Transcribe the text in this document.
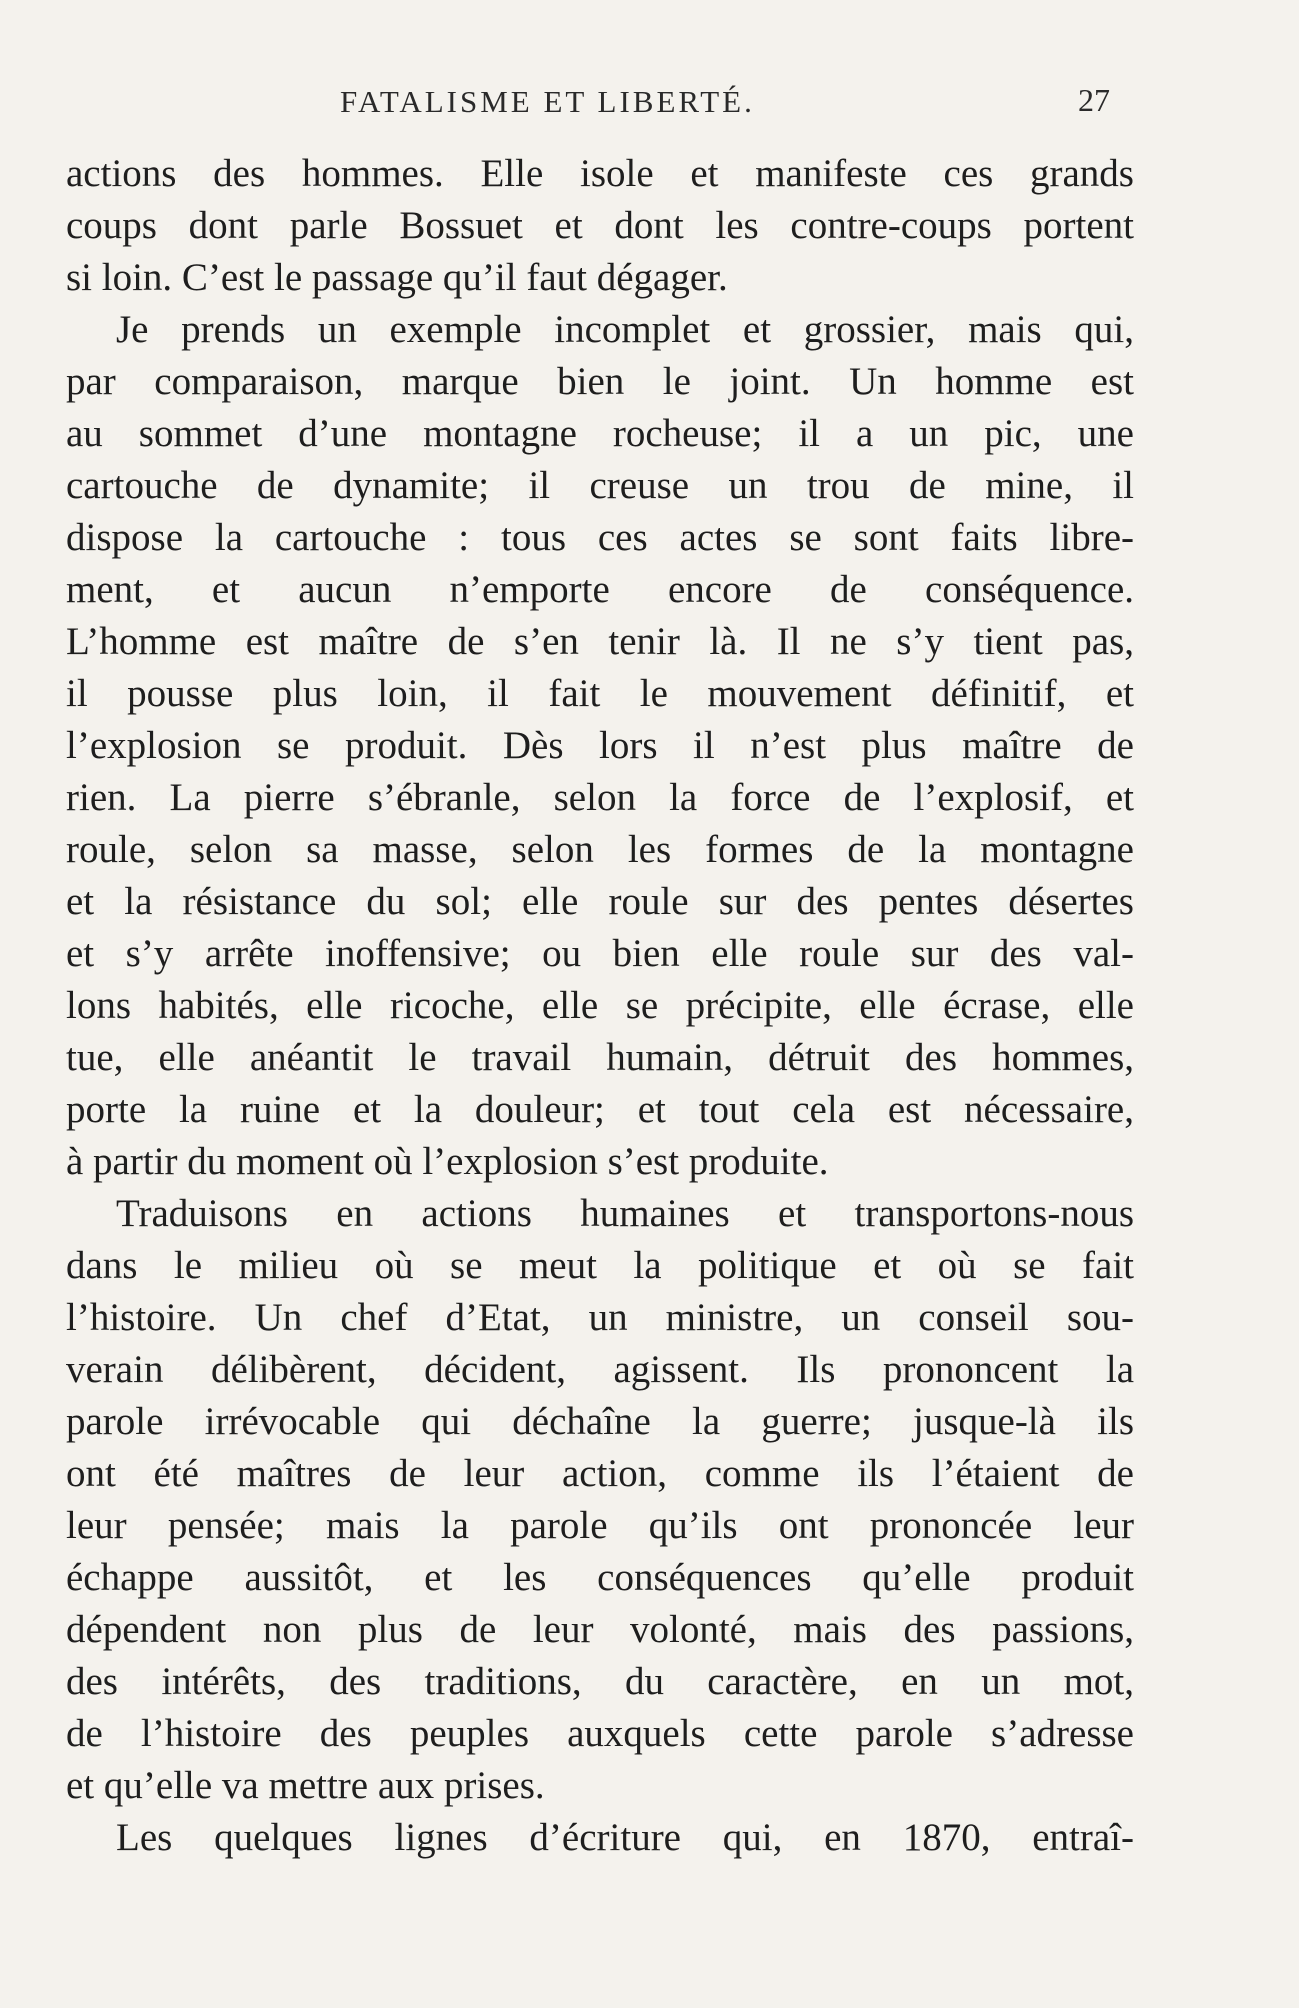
FATALISME ET LIBERTÉ.	27
actions des hommes. Elle isole et manifeste ces grands
coups dont parle Bossuet et dont les contre-coups portent
si loin. C’est le passage qu’il faut dégager.
Je prends un exemple incomplet et grossier, mais qui,
par comparaison, marque bien le joint. Un homme est
au sommet d’une montagne rocheuse; il a un pic, une
cartouche de dynamite; il creuse un trou de mine, il
dispose la cartouche : tous ces actes se sont faits libre-
ment, et aucun n’emporte encore de conséquence.
L’homme est maître de s’en tenir là. Il ne s’y tient pas,
il pousse plus loin, il fait le mouvement définitif, et
l’explosion se produit. Dès lors il n’est plus maître de
rien. La pierre s’ébranle, selon la force de l’explosif, et
roule, selon sa masse, selon les formes de la montagne
et la résistance du sol; elle roule sur des pentes désertes
et s’y arrête inoffensive; ou bien elle roule sur des val-
lons habités, elle ricoche, elle se précipite, elle écrase, elle
tue, elle anéantit le travail humain, détruit des hommes,
porte la ruine et la douleur; et tout cela est nécessaire,
à partir du moment où l’explosion s’est produite.
Traduisons en actions humaines et transportons-nous
dans le milieu où se meut la politique et où se fait
l’histoire. Un chef d’Etat, un ministre, un conseil sou-
verain délibèrent, décident, agissent. Ils prononcent la
parole irrévocable qui déchaîne la guerre; jusque-là ils
ont été maîtres de leur action, comme ils l’étaient de
leur pensée; mais la parole qu’ils ont prononcée leur
échappe aussitôt, et les conséquences qu’elle produit
dépendent non plus de leur volonté, mais des passions,
des intérêts, des traditions, du caractère, en un mot,
de l’histoire des peuples auxquels cette parole s’adresse
et qu’elle va mettre aux prises.
Les quelques lignes d’écriture qui, en 1870, entraî-
